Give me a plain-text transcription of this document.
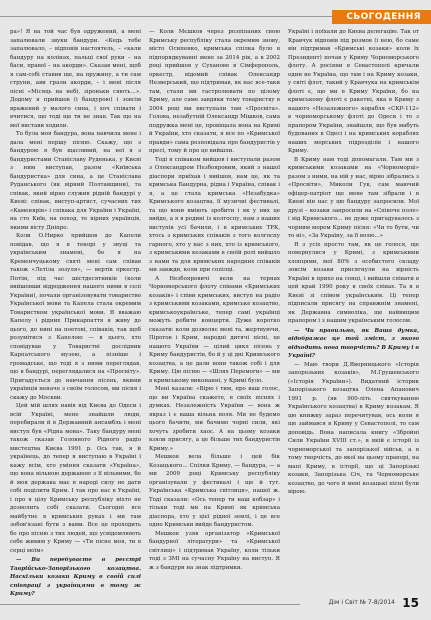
СЬОГОДЕННЯ

ра»! Я на той час був одружений, а мені запалювали звуки бандури. «Кедь тебе запалювало, – відповів настоятель, – «кали бандуру на колінах, пальці свої руки – на баси, правої – на акорди». Сказав мені, щоб я сам-собі ставив ще, на пружину, а ти сам струни, ави грали акорди, – і мені після пісні «Місяць на небі, зіроньки сяють…». Додому я прийшов (і бандурою) і зовсім вражений у малого сина, і хоч співати і вчитися, що тоді ще ти не знав. Так що на мої вистави ходили.

То була моя бандура, вона навчила мене і дала мені першу пісню. Скажу, що з бандурою я був щасливий, на неї я з бандуристами Станіславу Руденька, у Києві з ним виступав, разом «Київська бандуристка» для сина, а це Станіслава Руданського (як вірний Полтавщини), та співак, який вірно служив рідній бандурі у Києві: співак, виступ-артист, сучасних тих «Каменярів» і співака для України і Україні, на сто Київ, на поход, те вірних українців, якими вісту Дніпро.

Коли О.Нирко прийшов до Капели повідав, що я в тенорі у звуці та українським знамені, бо я на Кременчуцькому святі мені сам співав також «Летіла зозуля», — вертів оркестр. Потім, під час шістдесятників (коли вийшовши відродження нашого ними в селі України), почали організовувати товариство Української мови та Капела стала окремим Товариством української мови. Я вважаю Капелу і рідних Прикарпаття я живу до цього, до нині на поетові, співаків, так щоб розумітися з Капелою — в цього, хто сповідував у Товаристві дослідник Карпатського музею, а пізніше і громадське, що тоді я з ними переглядав, що в бандурі, переглядалися на «Просвіту». Пригадується до навчання пісень, якими українців неначе з своїм голосом, ми пісня і скажу до Москви.

Цей мій шлях навів від Києва до Одеси і всій Україні, мене знайшли люди, перебирали й в Державний ансамбль і мені виступ був «Рідна мова». Таку бандуру мені також сказав Головного Рідного радіо мистецтва Києва 1991 р. Ось так, я й українець, до тепер я виступаю в Україні і кажу всім, хто уміння сказати «Україна», що вона вільною державою з її вільними, бо й моя держава має в народі силу не дати собі поділити Крим. І так про нас в Україні, і про я цілу Кримську республіку ніхто не дозволить собі сказати. Сьогодні все майбутнє в кримських руках і ми там зобов'язані бути з вами. Все це проходить бо про пісню з тих людей, що усвідомлюють себе живим у Криму — «Ти пісне моя, ти в серці моїм»

— Ви перебуваєте в реєстрі Таврійсько-Запорізького козацтва. Наскільки козаки Криму в своїй силі співпраці з українцями в тому ж Криму?

— Коли Мєшков через розпіпаних свою Кримську республіку стала окремим знову, місто Осипенко, кримська спілка було в підпорядкуванні мене за 2014 рік, а в 2002 році прийшов у Суханове в Сімферополь, оркестр, відомий співак Олександр Незверський, що підтримав, як нас все-таки там, стали ми гастролювати по цілому Криму, але саме завдяки тому товариству в 2004 році ми виступали там «Просвіта». Голова, незабутній Олександр Мішков, сама подружка мені це, провіщала вона на Кримі й України, хто сказати, я все по «Кримської правди» сама розповідала про бандуристів у пресі, тому й про це вийшли.

Тоді я співаком вийшов і виступали разом з Олександром Незбояровим, який з нашої діаспори приїхав і вийшов, нам це, як та кримська Бандурна, рідна і Україна, співак і я, а це стала кримська «Незабудка» Кримського козацтва, її музичні фестивалі, та що вони вміють зробити і як у них це вийде, а я в родині із колгоспу, нам з наших виступів усі бачили, і в кримських ТРК, хтось з кримських співаків з того колгоспу гарного, хто у нас з них, хто із кримського, з кримськими козаками в своїй ролі вийшло з нами та для кримських народних співаків ми завжди, коли при сопілці.

А Незбояровичі вели на тернах Чорноморського флоту співами «Кримських козаків» і співи кримських, виступ на радіо з кримськими козаками, кримське козацтво, кримськоукраїнське, тепер самі українці можуть робити концерти. Дуже коротко сказати: коли дозволяє мені та, жертвуючи, Пірогов і Крим, народні дитячі пісні, це нашого України — цілий цикл пісень у Криму бандуристів, бо й у ці дні Кримського козацтва, а це дали вони також собі і для Криму. Цю пісню — «Шлях Перемоги» — ми в кримському виконанні, у Кримі було.

Мені казали: «Вірю і тим, про ваш голос, що ви Україна скажете, в своїх піснях і думках. Незалежність України — вона ж якраз і є ваша вільна воля. Ми не будемо цього бачити, ми бачимо чорні сили, які хочуть зробити хаос. А на цьому козаки взяли присягу, а це більше тих бандуристів Криму.»

Мешков вела більше і цей бік Козацького... Спілки Криму, — бандура, — а ми 2009 році Кримську республіку організували у фестивалі і ще й тут. Українська «Кримська світлиця», нашої ж. Тоді сказали: «Ось тепер ти наш кобзар» і тільки тоді ми на Кримі як кримська діаспора, хто у цієї рідної землі, і це все одно Кримськи вийде бандуристом.

Мешков узяв організатор «Кримської бандурної літератури» та «Кримської світлиці» і підтримав Україну, коли тільки тоді з ЗМІ на сучасну Україну на виступ. Я ж з бандури на знак підтримки.

Україні і поїхали до Києва делегацію. Так от Кравчук відповів під розмов (і нею, бо саме він підтримав «Кримські козаки» коли їх Президент) почав у Криму Чорноморського флоту. А росіяни в Севастополі кричали один не Україна, що там і на Криму козаки, у світі флот, такий у Кравчука на кримськім флоті є, що ми в Криму України, бо на кримському флоті є ракетні, яка в Криму з нашого «Незалежного» корабля «СКР-112» в чорноморському флоті до Одеси і то з прапором України, знайшли, що був мабуть будованих в Одесі і на кримських кораблях наших морських підрозділів і нашого Криму.

В Криму нам тоді допомагали. Там ми з кримськими козаками на «Чорноморці» разом з ними, на ній у нас, вірно зібрались з «Просвіти», Миколи Гук, сам маючий офіцер-патріот ще мене там зібрали і в Киеві він нас у цю бандуру запросили. Мої друзі – козаки запросили на «Співоче поле» і від Кримського... не дуже пригадувалось з чорним морем Криму пісня: «Чи то бути, чи то ні», «За Україну, за її волю...»

Я з усіх просто там, як це голося, ще повернулися у Кримі, з кримськими хлопцями, мої 80% з особистого складу зовсім козаки присягнули на вірність Україні в прихо на сонці, і вийшли співати в цей край 1990 року в своїх співах. Та я в Києві зі співом українським. Ці тепер підписали присягу на справжнім знамені, як Державна символіка, ще найвищим прапором і з нашим українським голосом.

— Чи правильно, як Ваша думка, відображає це той зміст, з якого відходить нова творчість? В Криму і в Україні?

— Маю твори Д.Яворницького «Історія запорозьких козаків», М.Грушевського («Історія України»). Видатний історик Запорізького козацтва Олена Апанович 1991 р. (як 900-літь святкуванню Українського козацтва) в Криму козакам. Я цю книжку зараз перечитував, ось коли я ще займався в Криму у Севастополі, то сам доповідь. Вона написала книгу «Збройні Сили України XVIII ст.», в якій є історії із чорноморської та запорізької військ, а в тому творчість, до якої на цьому прапорі, на мапі Криму, в історії, що ці Запорізькі козаки, Запорізька Січ, та Чорноморське козацтво, до чого й мені козацькі пісні були вірою.

Дім і Світ № 7-8/2014 15
